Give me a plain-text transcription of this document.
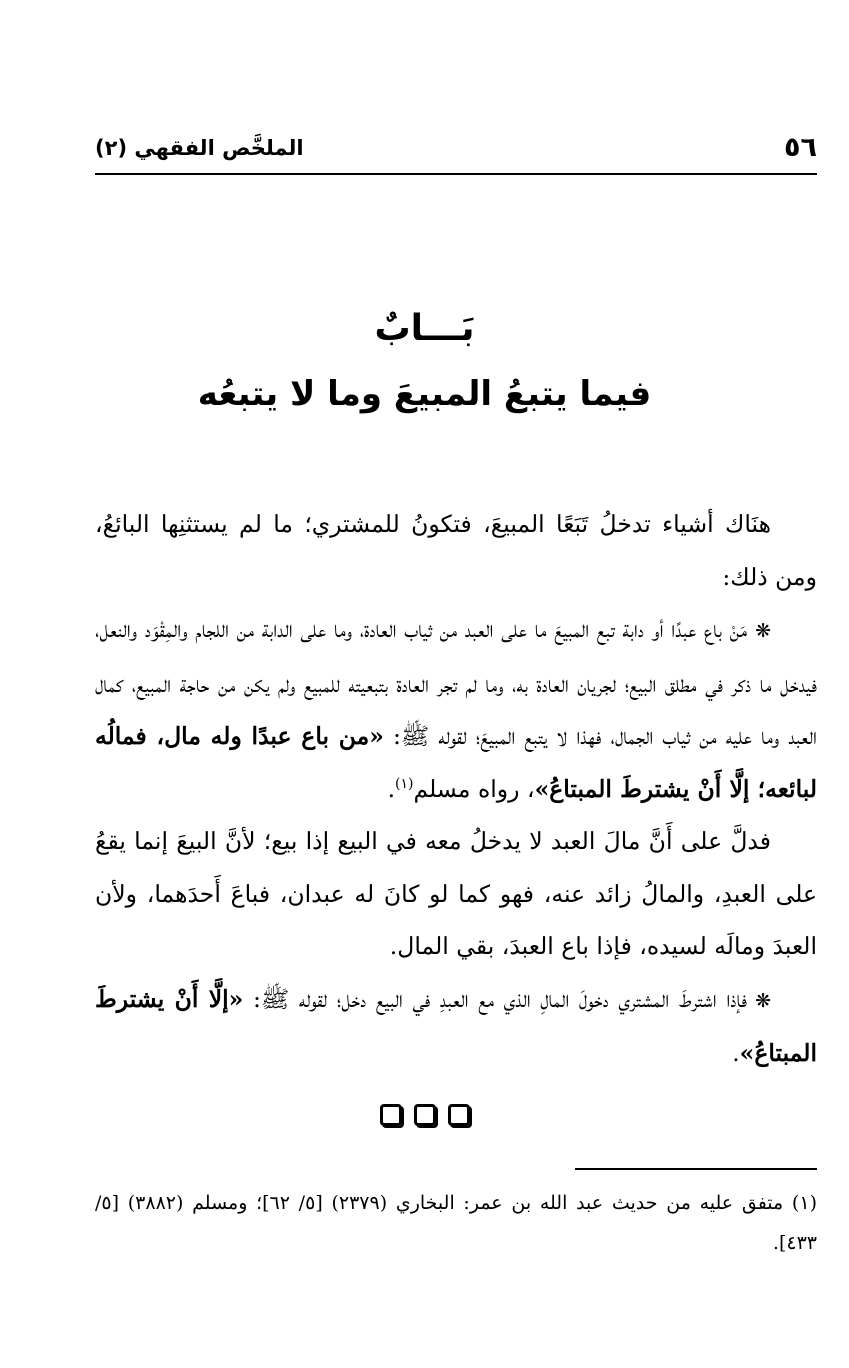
٥٦
الملخَّص الفقهي (٢)
بَـــابٌ
فيما يتبعُ المبيعَ وما لا يتبعُه

هنَاك أشياء تدخلُ تَبَعًا المبيعَ، فتكونُ للمشتري؛ ما لم يستثنِها البائعُ، ومن ذلك:

❋مَنْ باع عبدًا أو دابة تبع المبيعَ ما على العبد من ثياب العادة، وما على الدابة من اللجام والمِقْوَد والنعل، فيدخل ما ذكر في مطلق البيع؛ لجريان العادة به، وما لم تجر العادة بتبعيته للمبيع ولم يكن من حاجة المبيع، كمال العبد وما عليه من ثياب الجمال، فهذا لا يتبع المبيعَ؛ لقوله ﷺ: «من باع عبدًا وله مال، فمالُه لبائعه؛ إلَّا أَنْ يشترطَ المبتاعُ»، رواه مسلم$^{(١)}$.

فدلَّ على أَنَّ مالَ العبد لا يدخلُ معه في البيع إذا بيع؛ لأنَّ البيعَ إنما يقعُ على العبدِ، والمالُ زائد عنه، فهو كما لو كانَ له عبدان، فباعَ أَحدَهما، ولأن العبدَ ومالَه لسيده، فإذا باع العبدَ، بقي المال.

❋فإذا اشترطَ المشتري دخولَ المالِ الذي مع العبدِ في البيع دخل؛ لقوله ﷺ: «إلَّا أَنْ يشترطَ المبتاعُ».

(١) متفق عليه من حديث عبد الله بن عمر: البخاري (٢٣٧٩) [٥/ ٦٢]؛ ومسلم (٣٨٨٢) [٥/ ٤٣٣].
